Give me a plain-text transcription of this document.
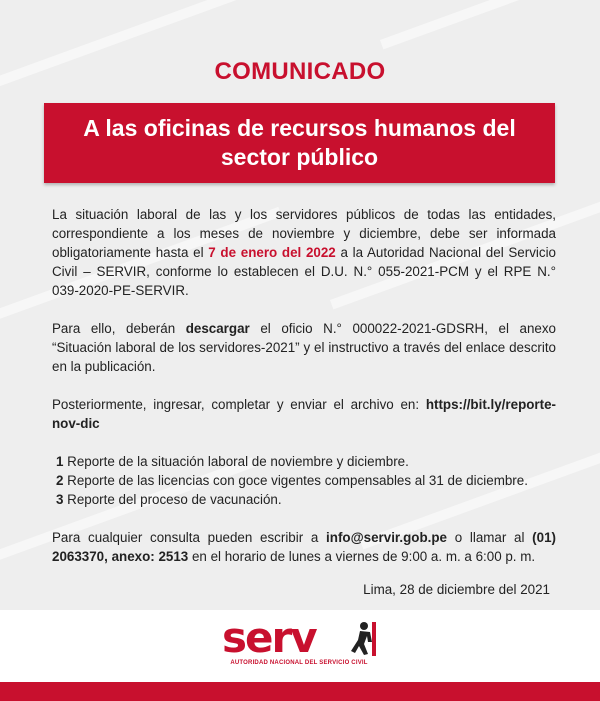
COMUNICADO
A las oficinas de recursos humanos del sector público

La situación laboral de las y los servidores públicos de todas las entidades, correspondiente a los meses de noviembre y diciembre, debe ser informada obligatoriamente hasta el 7 de enero del 2022 a la Autoridad Nacional del Servicio Civil – SERVIR, conforme lo establecen el D.U. N.° 055-2021-PCM y el RPE N.° 039-2020-PE-SERVIR.

Para ello, deberán descargar el oficio N.° 000022-2021-GDSRH, el anexo “Situación laboral de los servidores-2021” y el instructivo a través del enlace descrito en la publicación.

Posteriormente, ingresar, completar y enviar el archivo en: https://bit.ly/reporte-nov-dic

1 Reporte de la situación laboral de noviembre y diciembre.
2 Reporte de las licencias con goce vigentes compensables al 31 de diciembre.
3 Reporte del proceso de vacunación.

Para cualquier consulta pueden escribir a info@servir.gob.pe o llamar al (01) 2063370, anexo: 2513 en el horario de lunes a viernes de 9:00 a. m. a 6:00 p. m.

Lima, 28 de diciembre del 2021
serv
AUTORIDAD NACIONAL DEL SERVICIO CIVIL
